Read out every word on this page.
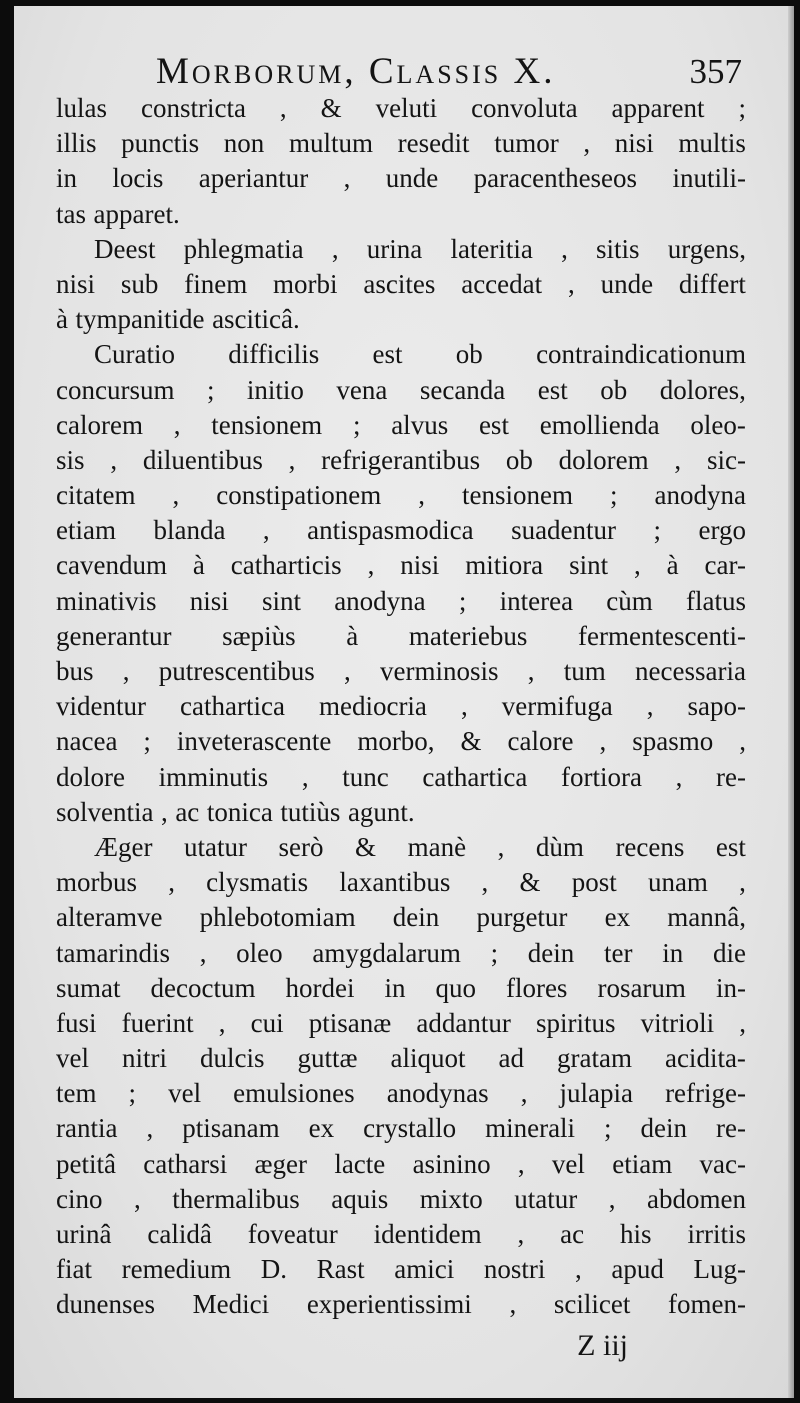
Morborum, Classis X.	357
lulas constricta , & veluti convoluta apparent ;
illis punctis non multum resedit tumor , nisi multis
in locis aperiantur , unde paracentheseos inutili-
tas apparet.
Deest phlegmatia , urina lateritia , sitis urgens,
nisi sub finem morbi ascites accedat , unde differt
à tympanitide asciticâ.
Curatio difficilis est ob contraindicationum
concursum ; initio vena secanda est ob dolores,
calorem , tensionem ; alvus est emollienda oleo-
sis , diluentibus , refrigerantibus ob dolorem , sic-
citatem , constipationem , tensionem ; anodyna
etiam blanda , antispasmodica suadentur ; ergo
cavendum à catharticis , nisi mitiora sint , à car-
minativis nisi sint anodyna ; interea cùm flatus
generantur sæpiùs à materiebus fermentescenti-
bus , putrescentibus , verminosis , tum necessaria
videntur cathartica mediocria , vermifuga , sapo-
nacea ; inveterascente morbo, & calore , spasmo ,
dolore imminutis , tunc cathartica fortiora , re-
solventia , ac tonica tutiùs agunt.
Æger utatur serò & manè , dùm recens est
morbus , clysmatis laxantibus , & post unam ,
alteramve phlebotomiam dein purgetur ex mannâ,
tamarindis , oleo amygdalarum ; dein ter in die
sumat decoctum hordei in quo flores rosarum in-
fusi fuerint , cui ptisanæ addantur spiritus vitrioli ,
vel nitri dulcis guttæ aliquot ad gratam acidita-
tem ; vel emulsiones anodynas , julapia refrige-
rantia , ptisanam ex crystallo minerali ; dein re-
petitâ catharsi æger lacte asinino , vel etiam vac-
cino , thermalibus aquis mixto utatur , abdomen
urinâ calidâ foveatur identidem , ac his irritis
fiat remedium D. Rast amici nostri , apud Lug-
dunenses Medici experientissimi , scilicet fomen-
Z iij
